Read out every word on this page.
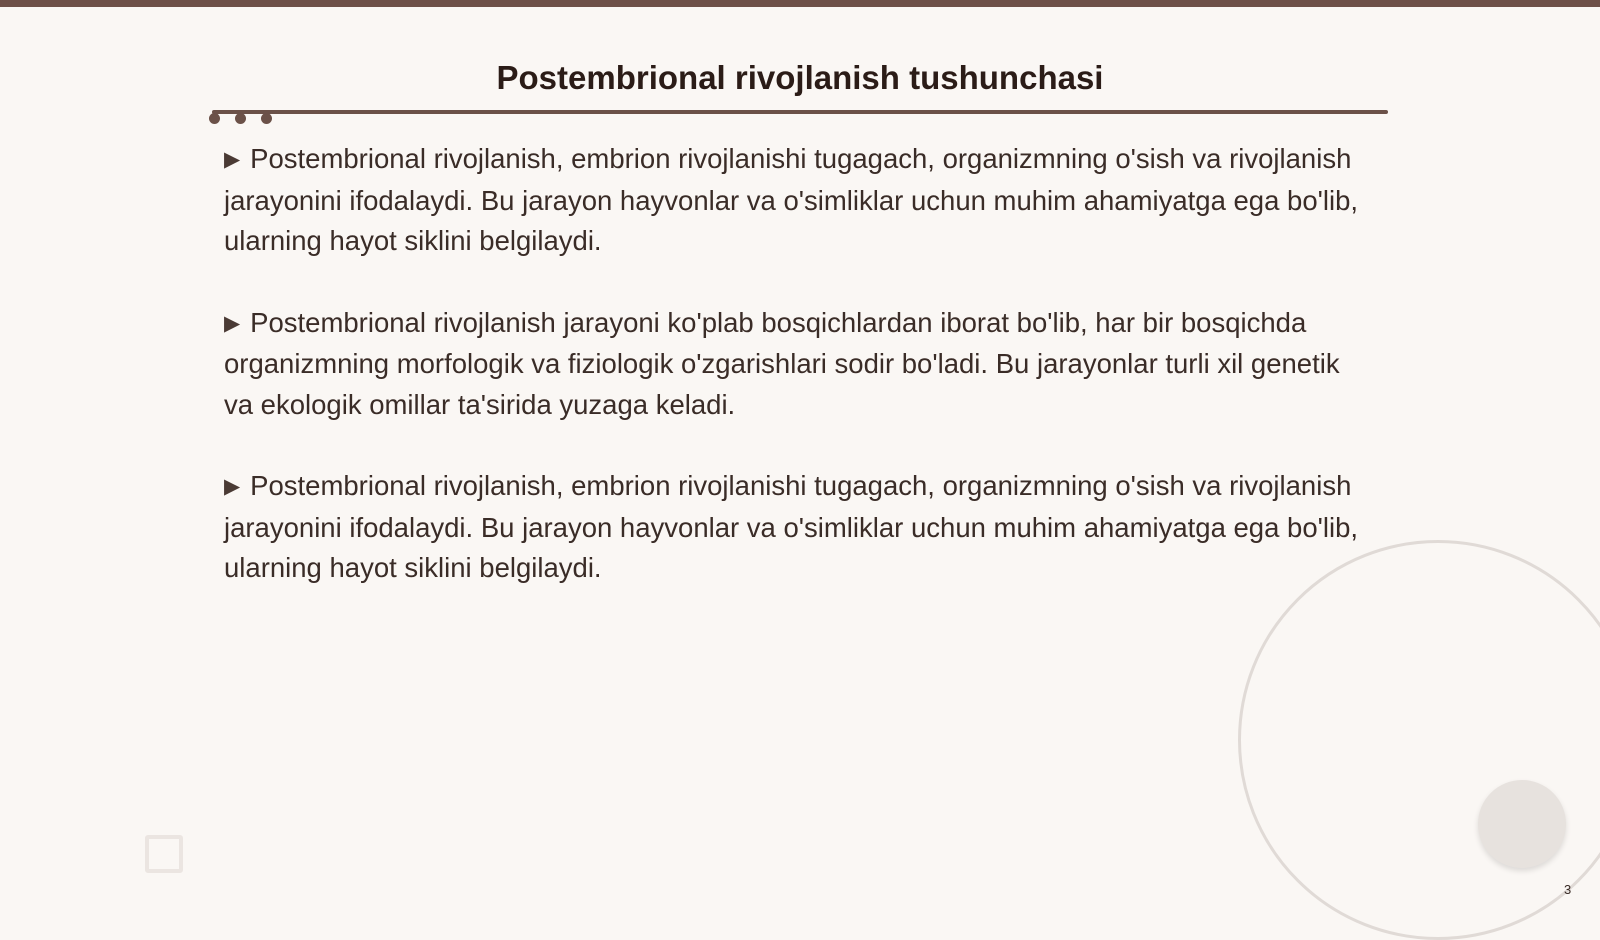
Postembrional rivojlanish tushunchasi

▶ Postembrional rivojlanish, embrion rivojlanishi tugagach, organizmning o'sish va rivojlanish jarayonini ifodalaydi. Bu jarayon hayvonlar va o'simliklar uchun muhim ahamiyatga ega bo'lib, ularning hayot siklini belgilaydi.

▶ Postembrional rivojlanish jarayoni ko'plab bosqichlardan iborat bo'lib, har bir bosqichda organizmning morfologik va fiziologik o'zgarishlari sodir bo'ladi. Bu jarayonlar turli xil genetik va ekologik omillar ta'sirida yuzaga keladi.

▶ Postembrional rivojlanish, embrion rivojlanishi tugagach, organizmning o'sish va rivojlanish jarayonini ifodalaydi. Bu jarayon hayvonlar va o'simliklar uchun muhim ahamiyatga ega bo'lib, ularning hayot siklini belgilaydi.

3
